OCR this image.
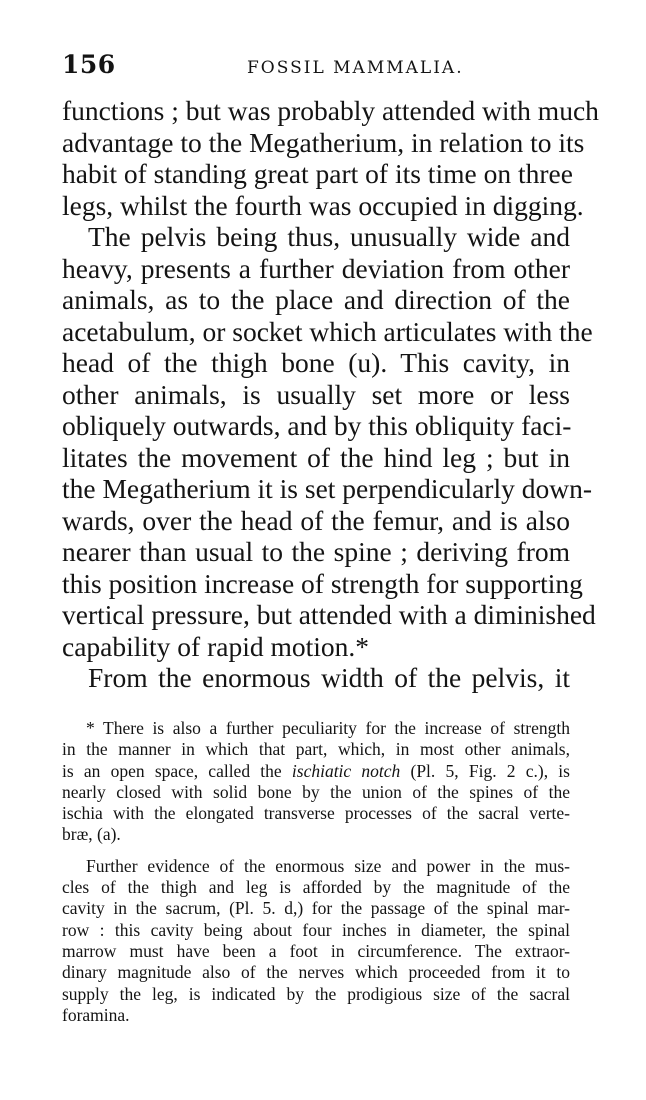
156	FOSSIL MAMMALIA.
functions ; but was probably attended with much
advantage to the Megatherium, in relation to its
habit of standing great part of its time on three
legs, whilst the fourth was occupied in digging.
The pelvis being thus, unusually wide and
heavy, presents a further deviation from other
animals, as to the place and direction of the
acetabulum, or socket which articulates with the
head of the thigh bone (u). This cavity, in
other animals, is usually set more or less
obliquely outwards, and by this obliquity faci-
litates the movement of the hind leg ; but in
the Megatherium it is set perpendicularly down-
wards, over the head of the femur, and is also
nearer than usual to the spine ; deriving from
this position increase of strength for supporting
vertical pressure, but attended with a diminished
capability of rapid motion.*
From the enormous width of the pelvis, it
* There is also a further peculiarity for the increase of strength
in the manner in which that part, which, in most other animals,
is an open space, called the ischiatic notch (Pl. 5, Fig. 2 c.), is
nearly closed with solid bone by the union of the spines of the
ischia with the elongated transverse processes of the sacral verte-
bræ, (a).
Further evidence of the enormous size and power in the mus-
cles of the thigh and leg is afforded by the magnitude of the
cavity in the sacrum, (Pl. 5. d,) for the passage of the spinal mar-
row : this cavity being about four inches in diameter, the spinal
marrow must have been a foot in circumference. The extraor-
dinary magnitude also of the nerves which proceeded from it to
supply the leg, is indicated by the prodigious size of the sacral
foramina.
